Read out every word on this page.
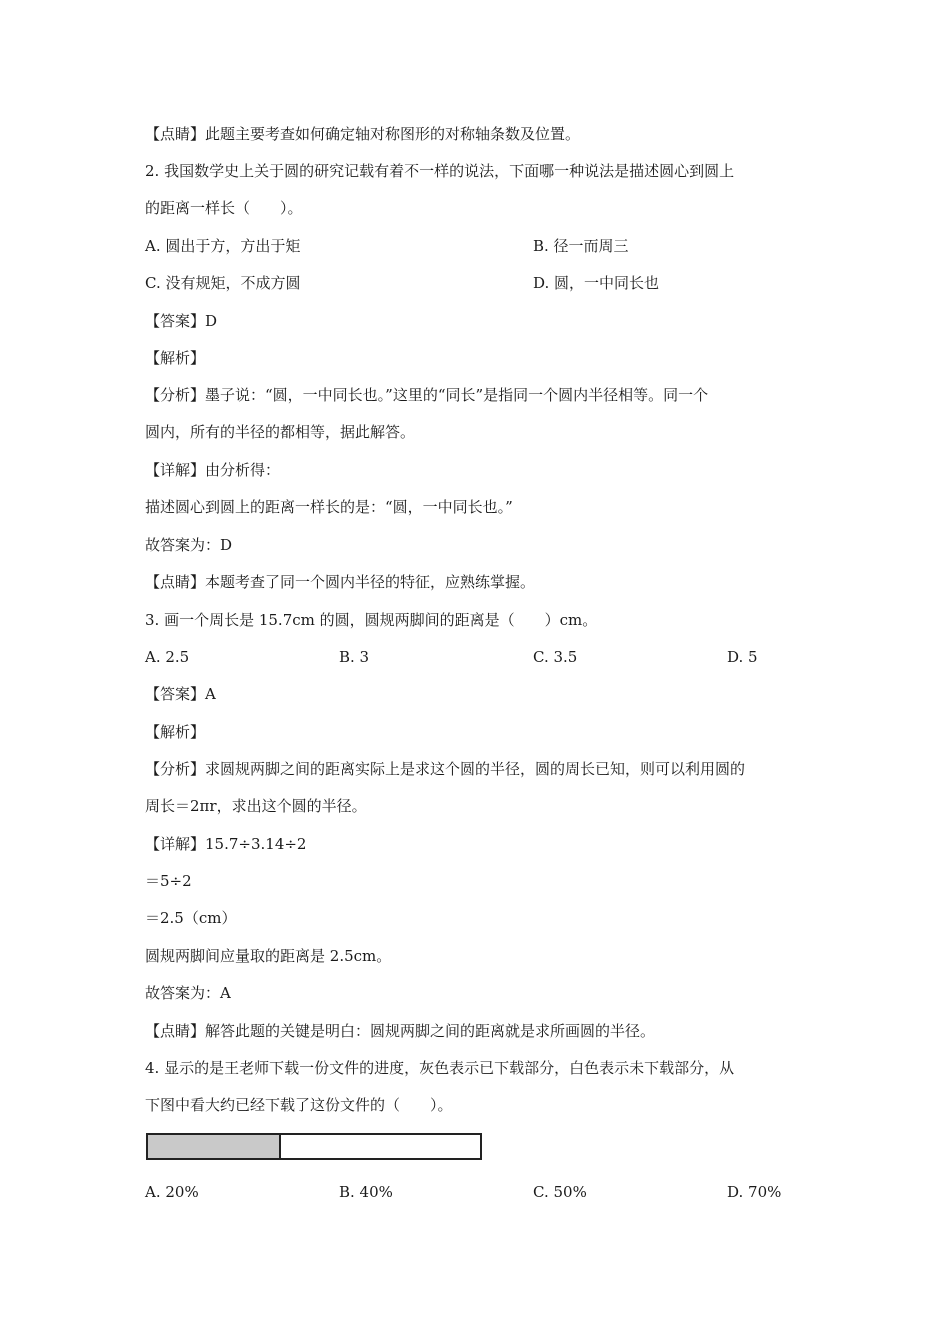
【点睛】此题主要考查如何确定轴对称图形的对称轴条数及位置。
2. 我国数学史上关于圆的研究记载有着不一样的说法，下面哪一种说法是描述圆心到圆上
的距离一样长（　　）。
A. 圆出于方，方出于矩	B. 径一而周三
C. 没有规矩，不成方圆	D. 圆，一中同长也
【答案】D
【解析】
【分析】墨子说：“圆，一中同长也。”这里的“同长”是指同一个圆内半径相等。同一个
圆内，所有的半径的都相等，据此解答。
【详解】由分析得：
描述圆心到圆上的距离一样长的是：“圆，一中同长也。”
故答案为：D
【点睛】本题考查了同一个圆内半径的特征，应熟练掌握。
3. 画一个周长是 15.7cm 的圆，圆规两脚间的距离是（　　）cm。
A. 2.5	B. 3	C. 3.5	D. 5
【答案】A
【解析】
【分析】求圆规两脚之间的距离实际上是求这个圆的半径，圆的周长已知，则可以利用圆的
周长＝2πr，求出这个圆的半径。
【详解】15.7÷3.14÷2
＝5÷2
＝2.5（cm）
圆规两脚间应量取的距离是 2.5cm。
故答案为：A
【点睛】解答此题的关键是明白：圆规两脚之间的距离就是求所画圆的半径。
4. 显示的是王老师下载一份文件的进度，灰色表示已下载部分，白色表示未下载部分，从
下图中看大约已经下载了这份文件的（　　）。
A. 20%	B. 40%	C. 50%	D. 70%
